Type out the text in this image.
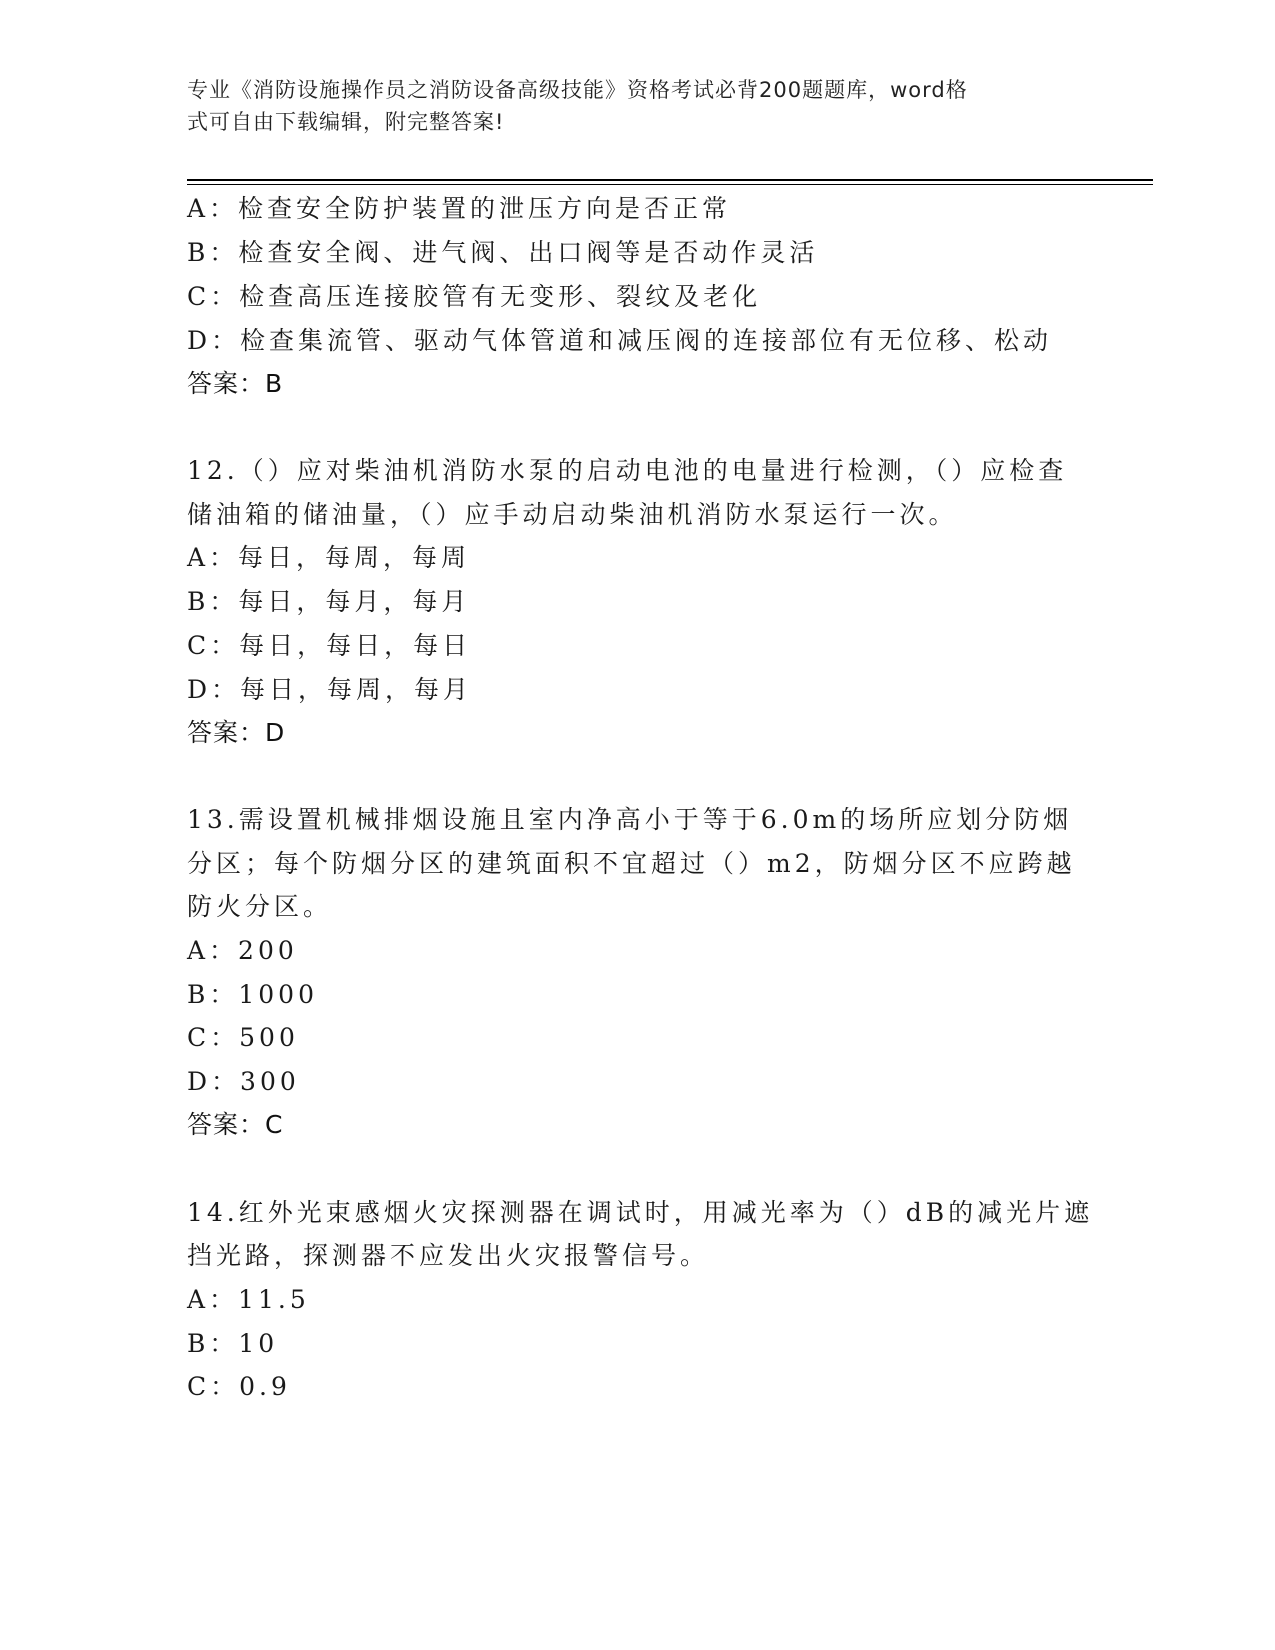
专业《消防设施操作员之消防设备高级技能》资格考试必背200题题库，word格
式可自由下载编辑，附完整答案!
A：检查安全防护装置的泄压方向是否正常
B：检查安全阀、进气阀、出口阀等是否动作灵活
C：检查高压连接胶管有无变形、裂纹及老化
D：检查集流管、驱动气体管道和减压阀的连接部位有无位移、松动
答案：B
12.（）应对柴油机消防水泵的启动电池的电量进行检测，（）应检查
储油箱的储油量，（）应手动启动柴油机消防水泵运行一次。
A：每日，每周，每周
B：每日，每月，每月
C：每日，每日，每日
D：每日，每周，每月
答案：D
13.需设置机械排烟设施且室内净高小于等于6.0m的场所应划分防烟
分区；每个防烟分区的建筑面积不宜超过（）m2，防烟分区不应跨越
防火分区。
A：200
B：1000
C：500
D：300
答案：C
14.红外光束感烟火灾探测器在调试时，用减光率为（）dB的减光片遮
挡光路，探测器不应发出火灾报警信号。
A：11.5
B：10
C：0.9
